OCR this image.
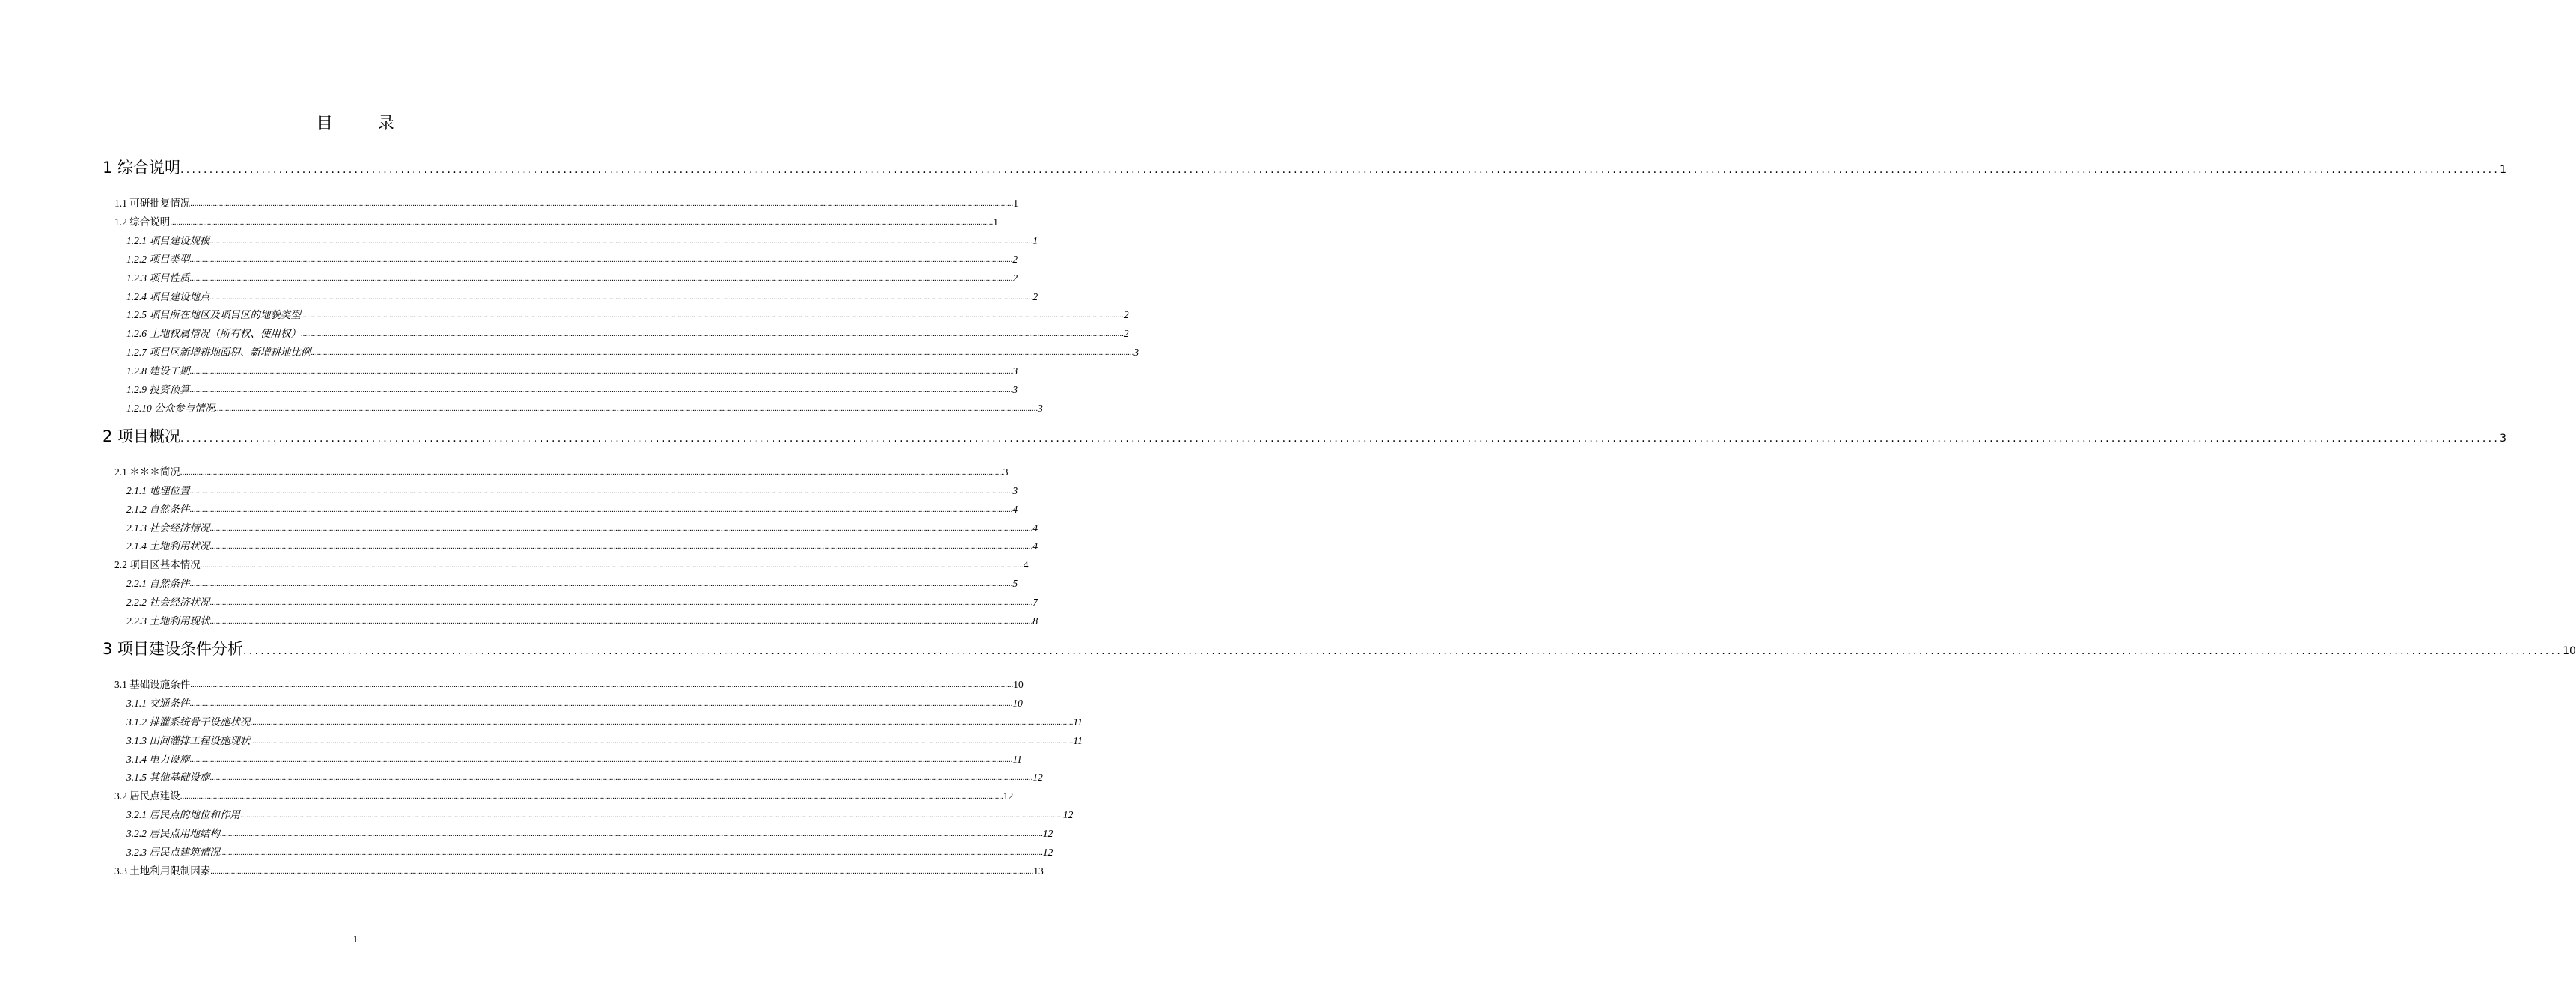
目	录
1 综合说明 ................................................................................................................................................................................................................................................................................................................................................................................................................ 1
1.1 可研批复情况 ................................................................................................................................................................................................................................................................................................................................................................................................................ 1
1.2 综合说明 ................................................................................................................................................................................................................................................................................................................................................................................................................ 1
1.2.1 项目建设规模 ................................................................................................................................................................................................................................................................................................................................................................................................................ 1
1.2.2 项目类型 ................................................................................................................................................................................................................................................................................................................................................................................................................ 2
1.2.3 项目性质 ................................................................................................................................................................................................................................................................................................................................................................................................................ 2
1.2.4 项目建设地点 ................................................................................................................................................................................................................................................................................................................................................................................................................ 2
1.2.5 项目所在地区及项目区的地貌类型 ................................................................................................................................................................................................................................................................................................................................................................................................................ 2
1.2.6 土地权属情况（所有权、使用权） ................................................................................................................................................................................................................................................................................................................................................................................................................ 2
1.2.7 项目区新增耕地面积、新增耕地比例 ................................................................................................................................................................................................................................................................................................................................................................................................................ 3
1.2.8 建设工期 ................................................................................................................................................................................................................................................................................................................................................................................................................ 3
1.2.9 投资预算 ................................................................................................................................................................................................................................................................................................................................................................................................................ 3
1.2.10 公众参与情况 ................................................................................................................................................................................................................................................................................................................................................................................................................ 3
2 项目概况 ................................................................................................................................................................................................................................................................................................................................................................................................................ 3
2.1 ＊＊＊简况 ................................................................................................................................................................................................................................................................................................................................................................................................................ 3
2.1.1 地理位置 ................................................................................................................................................................................................................................................................................................................................................................................................................ 3
2.1.2 自然条件 ................................................................................................................................................................................................................................................................................................................................................................................................................ 4
2.1.3 社会经济情况 ................................................................................................................................................................................................................................................................................................................................................................................................................ 4
2.1.4 土地利用状况 ................................................................................................................................................................................................................................................................................................................................................................................................................ 4
2.2 项目区基本情况 ................................................................................................................................................................................................................................................................................................................................................................................................................ 4
2.2.1 自然条件 ................................................................................................................................................................................................................................................................................................................................................................................................................ 5
2.2.2 社会经济状况 ................................................................................................................................................................................................................................................................................................................................................................................................................ 7
2.2.3 土地利用现状 ................................................................................................................................................................................................................................................................................................................................................................................................................ 8
3 项目建设条件分析 ................................................................................................................................................................................................................................................................................................................................................................................................................ 10
3.1 基础设施条件 ................................................................................................................................................................................................................................................................................................................................................................................................................ 10
3.1.1 交通条件 ................................................................................................................................................................................................................................................................................................................................................................................................................ 10
3.1.2 排灌系统骨干设施状况 ................................................................................................................................................................................................................................................................................................................................................................................................................ 11
3.1.3 田间灌排工程设施现状 ................................................................................................................................................................................................................................................................................................................................................................................................................ 11
3.1.4 电力设施 ................................................................................................................................................................................................................................................................................................................................................................................................................ 11
3.1.5 其他基础设施 ................................................................................................................................................................................................................................................................................................................................................................................................................ 12
3.2 居民点建设 ................................................................................................................................................................................................................................................................................................................................................................................................................ 12
3.2.1 居民点的地位和作用 ................................................................................................................................................................................................................................................................................................................................................................................................................ 12
3.2.2 居民点用地结构 ................................................................................................................................................................................................................................................................................................................................................................................................................ 12
3.2.3 居民点建筑情况 ................................................................................................................................................................................................................................................................................................................................................................................................................ 12
3.3 土地利用限制因素 ................................................................................................................................................................................................................................................................................................................................................................................................................ 13
1
